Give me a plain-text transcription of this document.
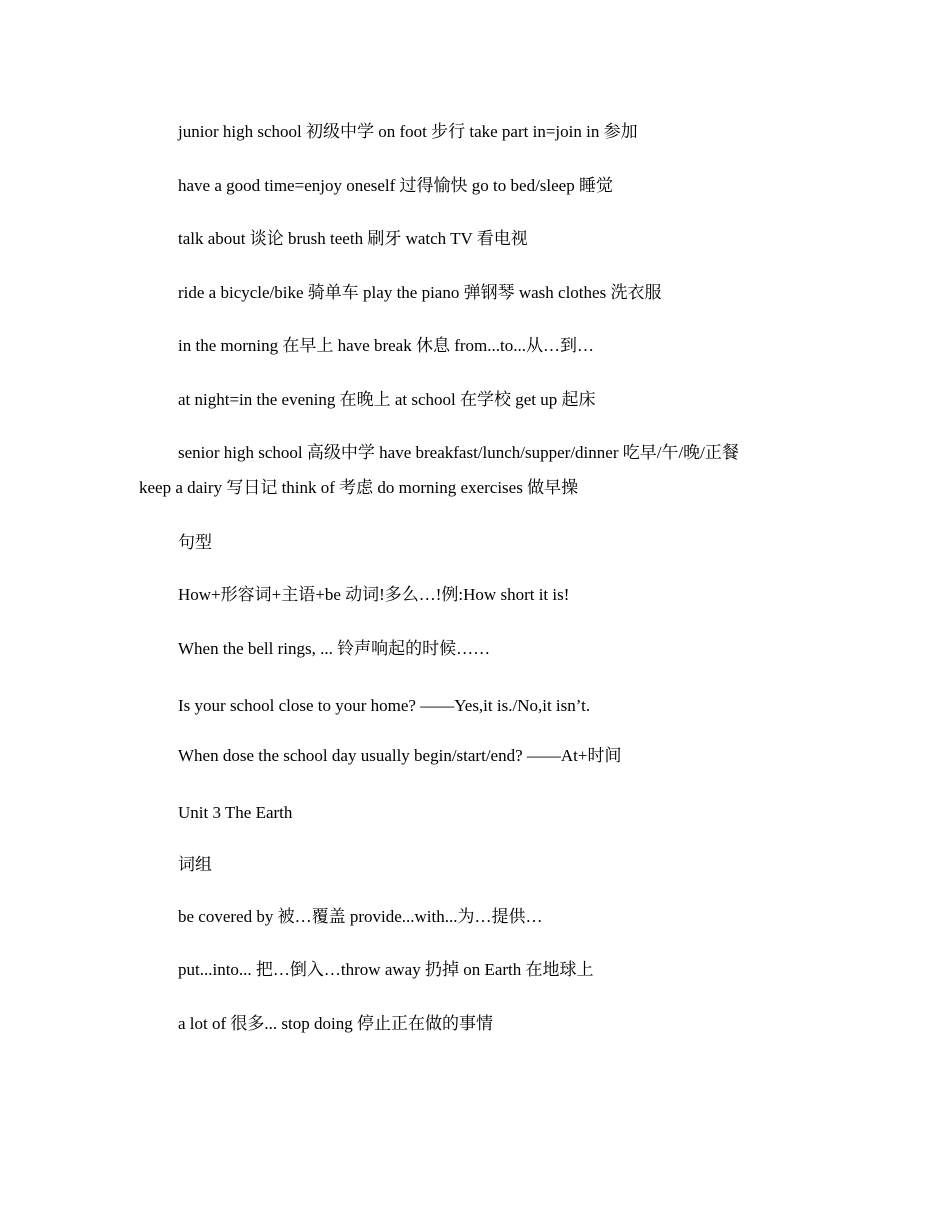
junior high school 初级中学 on foot 步行 take part in=join in 参加
have a good time=enjoy oneself 过得愉快 go to bed/sleep 睡觉
talk about 谈论 brush teeth 刷牙 watch TV 看电视
ride a bicycle/bike 骑单车 play the piano 弹钢琴 wash clothes 洗衣服
in the morning 在早上 have break 休息 from...to...从…到…
at night=in the evening 在晚上 at school 在学校 get up 起床
senior high school 高级中学 have breakfast/lunch/supper/dinner 吃早/午/晚/正餐
keep a dairy 写日记 think of 考虑 do morning exercises 做早操
句型
How+形容词+主语+be 动词!多么…!例:How short it is!
When the bell rings, ... 铃声响起的时候……
Is your school close to your home? ——Yes,it is./No,it isn’t.
When dose the school day usually begin/start/end? ——At+时间
Unit 3 The Earth
词组
be covered by 被…覆盖 provide...with...为…提供…
put...into... 把…倒入…throw away 扔掉 on Earth 在地球上
a lot of 很多... stop doing 停止正在做的事情
